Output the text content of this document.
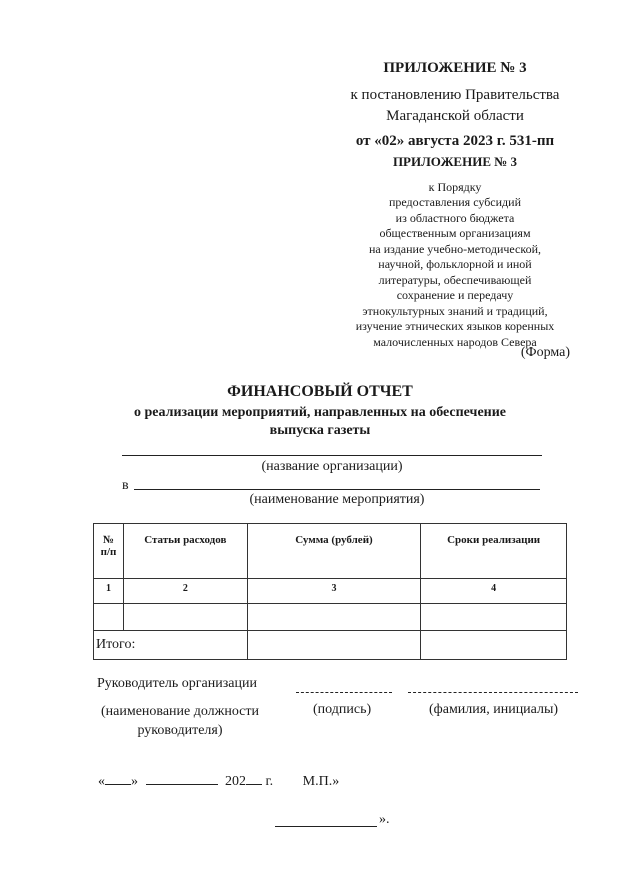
ПРИЛОЖЕНИЕ № 3
к постановлению Правительства
Магаданской области
от «02» августа 2023 г. 531-пп
ПРИЛОЖЕНИЕ № 3
к Порядку
предоставления субсидий
из областного бюджета
общественным организациям
на издание учебно-методической,
научной, фольклорной и иной
литературы, обеспечивающей
сохранение и передачу
этнокультурных знаний и традиций,
изучение этнических языков коренных
малочисленных народов Севера
(Форма)
ФИНАНСОВЫЙ ОТЧЕТ
о реализации мероприятий, направленных на обеспечение
выпуска газеты
(название организации)
в
(наименование мероприятия)
№ п/п	Статьи расходов	Сумма (рублей)	Сроки реализации
1	2	3	4

Итого:			
Руководитель организации
(наименование должности
руководителя)
(подпись)	(фамилия, инициалы)
« »	202 г. М.П.»
».
